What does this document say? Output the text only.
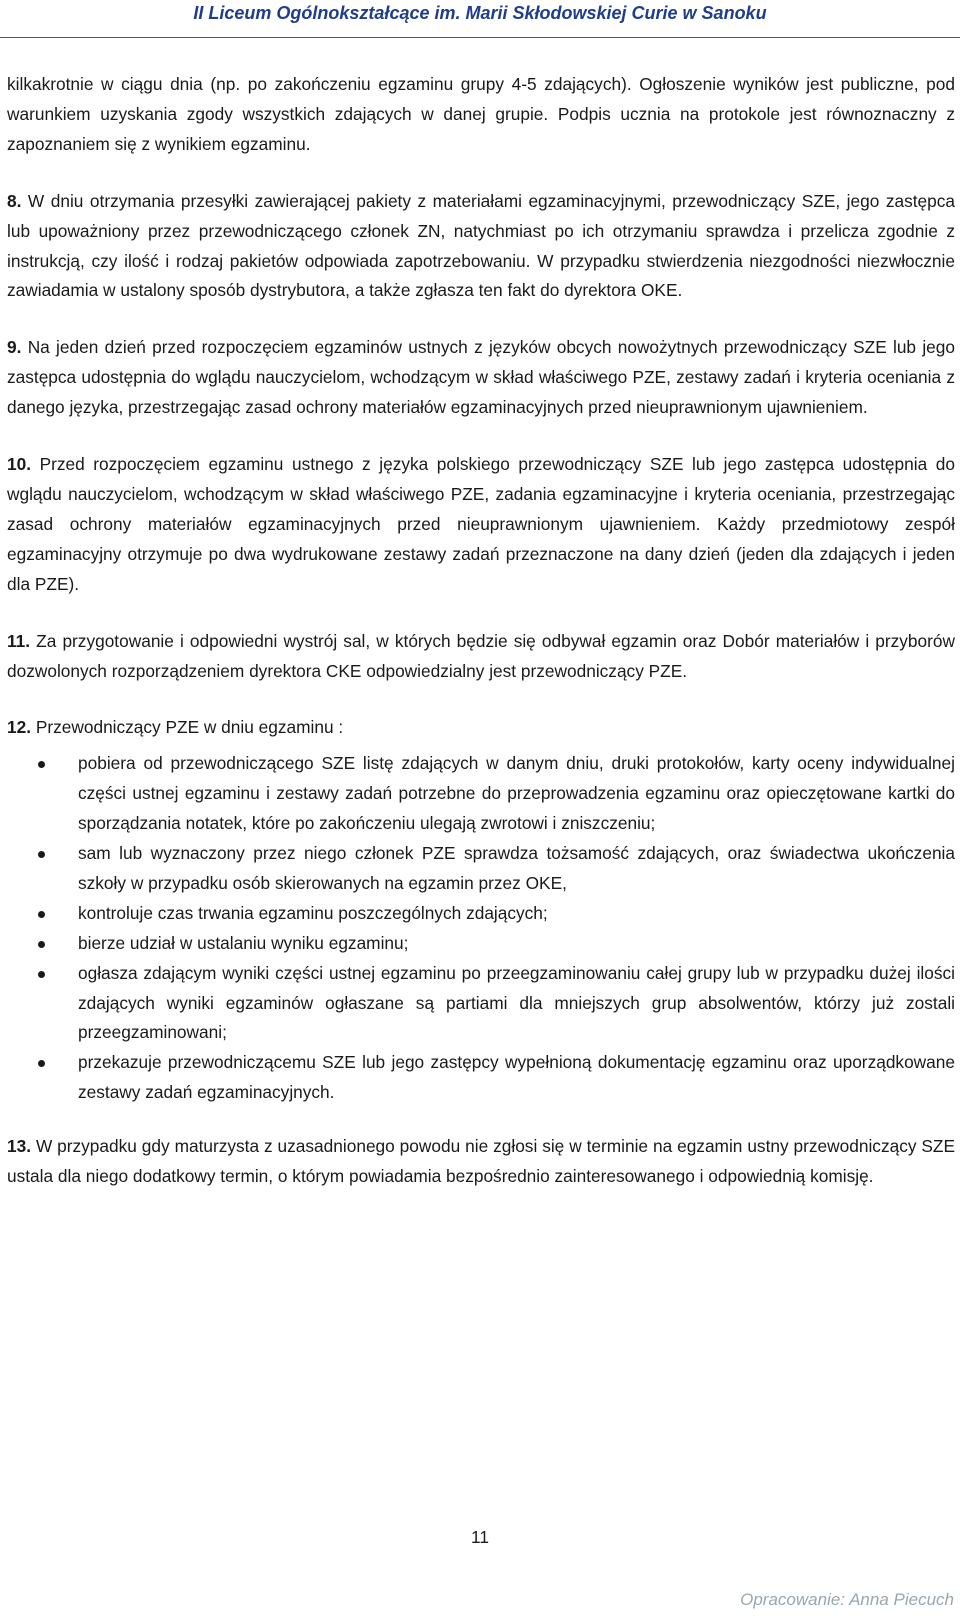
II Liceum Ogólnokształcące im. Marii Skłodowskiej Curie w Sanoku

kilkakrotnie w ciągu dnia (np. po zakończeniu egzaminu grupy 4-5 zdających). Ogłoszenie wyników jest publiczne, pod warunkiem uzyskania zgody wszystkich zdających w danej grupie. Podpis ucznia na protokole jest równoznaczny z zapoznaniem się z wynikiem egzaminu.

8. W dniu otrzymania przesyłki zawierającej pakiety z materiałami egzaminacyjnymi, przewodniczący SZE, jego zastępca lub upoważniony przez przewodniczącego członek ZN, natychmiast po ich otrzymaniu sprawdza i przelicza zgodnie z instrukcją, czy ilość i rodzaj pakietów odpowiada zapotrzebowaniu. W przypadku stwierdzenia niezgodności niezwłocznie zawiadamia w ustalony sposób dystrybutora, a także zgłasza ten fakt do dyrektora OKE.

9. Na jeden dzień przed rozpoczęciem egzaminów ustnych z języków obcych nowożytnych przewodniczący SZE lub jego zastępca udostępnia do wglądu nauczycielom, wchodzącym w skład właściwego PZE, zestawy zadań i kryteria oceniania z danego języka, przestrzegając zasad ochrony materiałów egzaminacyjnych przed nieuprawnionym ujawnieniem.

10. Przed rozpoczęciem egzaminu ustnego z języka polskiego przewodniczący SZE lub jego zastępca udostępnia do wglądu nauczycielom, wchodzącym w skład właściwego PZE, zadania egzaminacyjne i kryteria oceniania, przestrzegając zasad ochrony materiałów egzaminacyjnych przed nieuprawnionym ujawnieniem. Każdy przedmiotowy zespół egzaminacyjny otrzymuje po dwa wydrukowane zestawy zadań przeznaczone na dany dzień (jeden dla zdających i jeden dla PZE).

11. Za przygotowanie i odpowiedni wystrój sal, w których będzie się odbywał egzamin oraz Dobór materiałów i przyborów dozwolonych rozporządzeniem dyrektora CKE odpowiedzialny jest przewodniczący PZE.

12. Przewodniczący PZE w dniu egzaminu :

pobiera od przewodniczącego SZE listę zdających w danym dniu, druki protokołów, karty oceny indywidualnej części ustnej egzaminu i zestawy zadań potrzebne do przeprowadzenia egzaminu oraz opieczętowane kartki do sporządzania notatek, które po zakończeniu ulegają zwrotowi i zniszczeniu;
sam lub wyznaczony przez niego członek PZE sprawdza tożsamość zdających, oraz świadectwa ukończenia szkoły w przypadku osób skierowanych na egzamin przez OKE,
kontroluje czas trwania egzaminu poszczególnych zdających;
bierze udział w ustalaniu wyniku egzaminu;
ogłasza zdającym wyniki części ustnej egzaminu po przeegzaminowaniu całej grupy lub w przypadku dużej ilości zdających wyniki egzaminów ogłaszane są partiami dla mniejszych grup absolwentów, którzy już zostali przeegzaminowani;
przekazuje przewodniczącemu SZE lub jego zastępcy wypełnioną dokumentację egzaminu oraz uporządkowane zestawy zadań egzaminacyjnych.

13. W przypadku gdy maturzysta z uzasadnionego powodu nie zgłosi się w terminie na egzamin ustny przewodniczący SZE ustala dla niego dodatkowy termin, o którym powiadamia bezpośrednio zainteresowanego i odpowiednią komisję.

11
Opracowanie: Anna Piecuch
